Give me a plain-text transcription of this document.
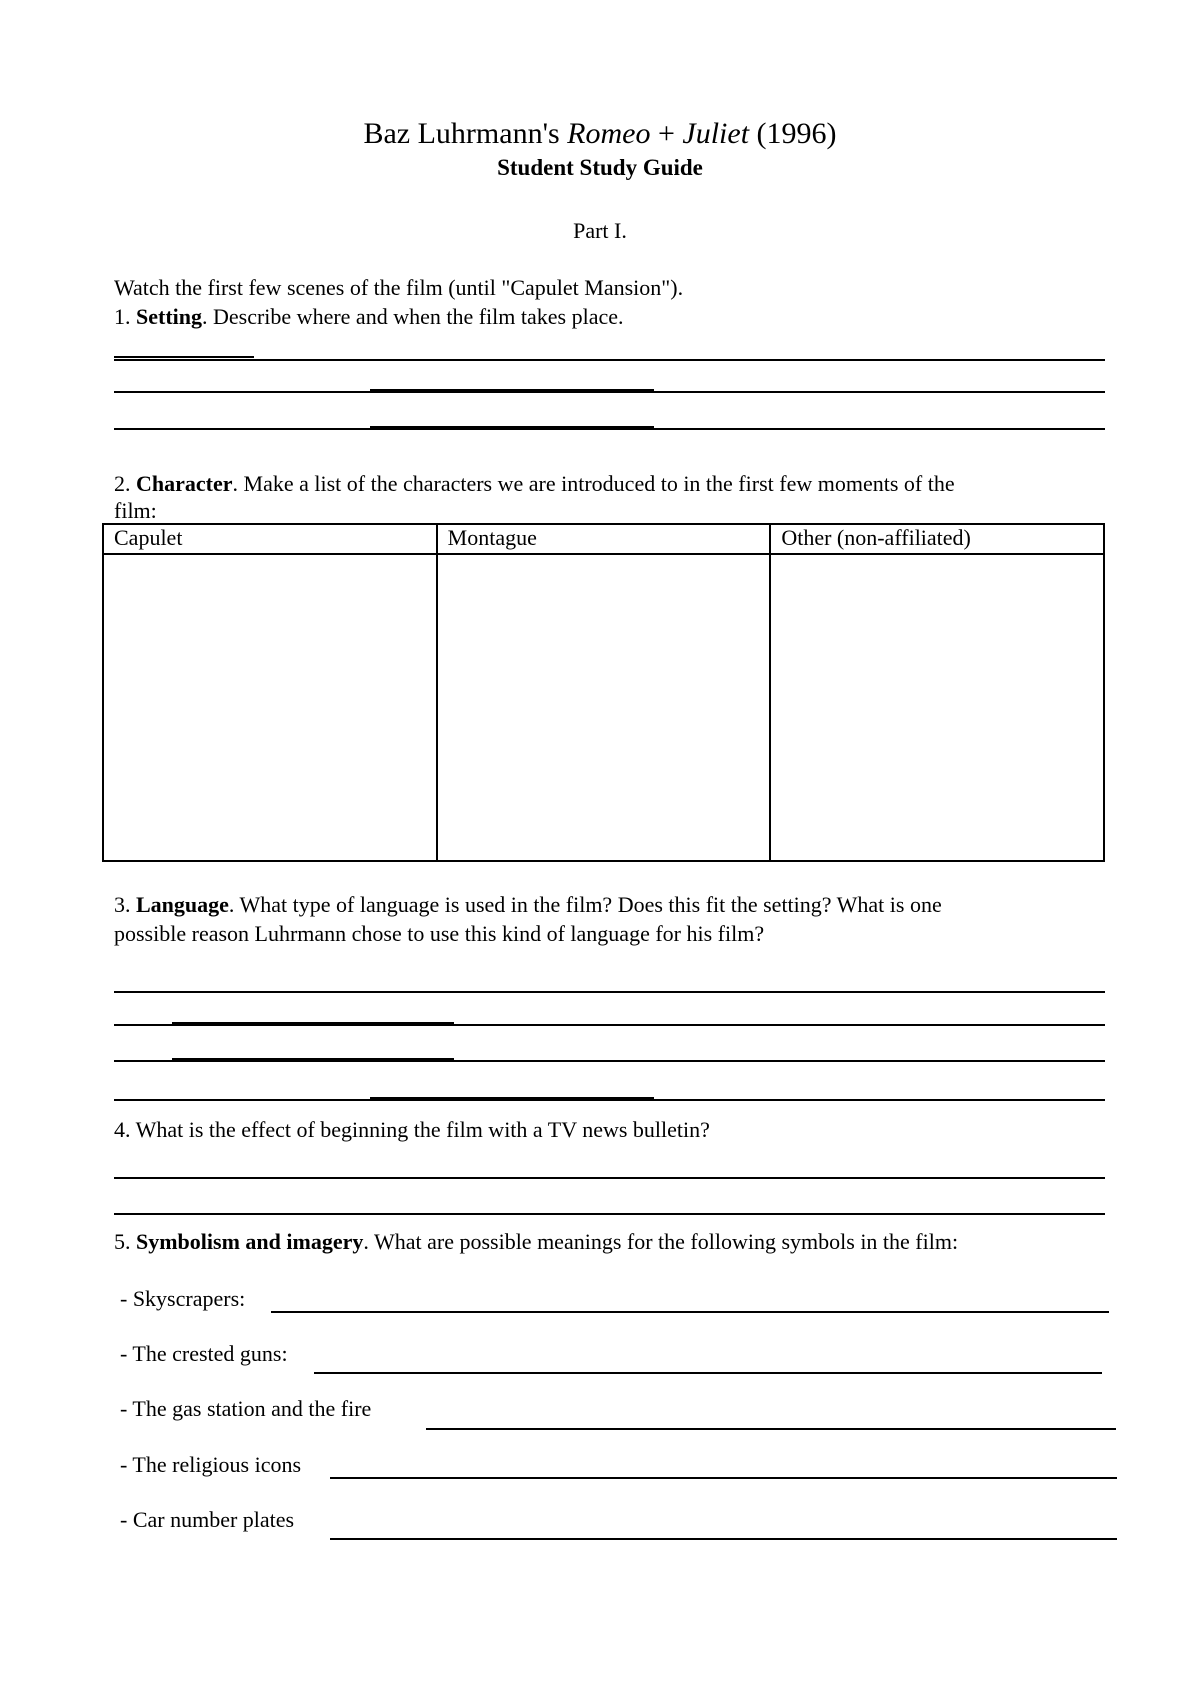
Baz Luhrmann's Romeo + Juliet (1996)
Student Study Guide
Part I.
Watch the first few scenes of the film (until "Capulet Mansion").
1. Setting. Describe where and when the film takes place.
2. Character. Make a list of the characters we are introduced to in the first few moments of the
film:
Capulet	Montague	Other (non-affiliated)

3. Language. What type of language is used in the film? Does this fit the setting? What is one
possible reason Luhrmann chose to use this kind of language for his film?
4. What is the effect of beginning the film with a TV news bulletin?
5. Symbolism and imagery. What are possible meanings for the following symbols in the film:
- Skyscrapers:
- The crested guns:
- The gas station and the fire
- The religious icons
- Car number plates
